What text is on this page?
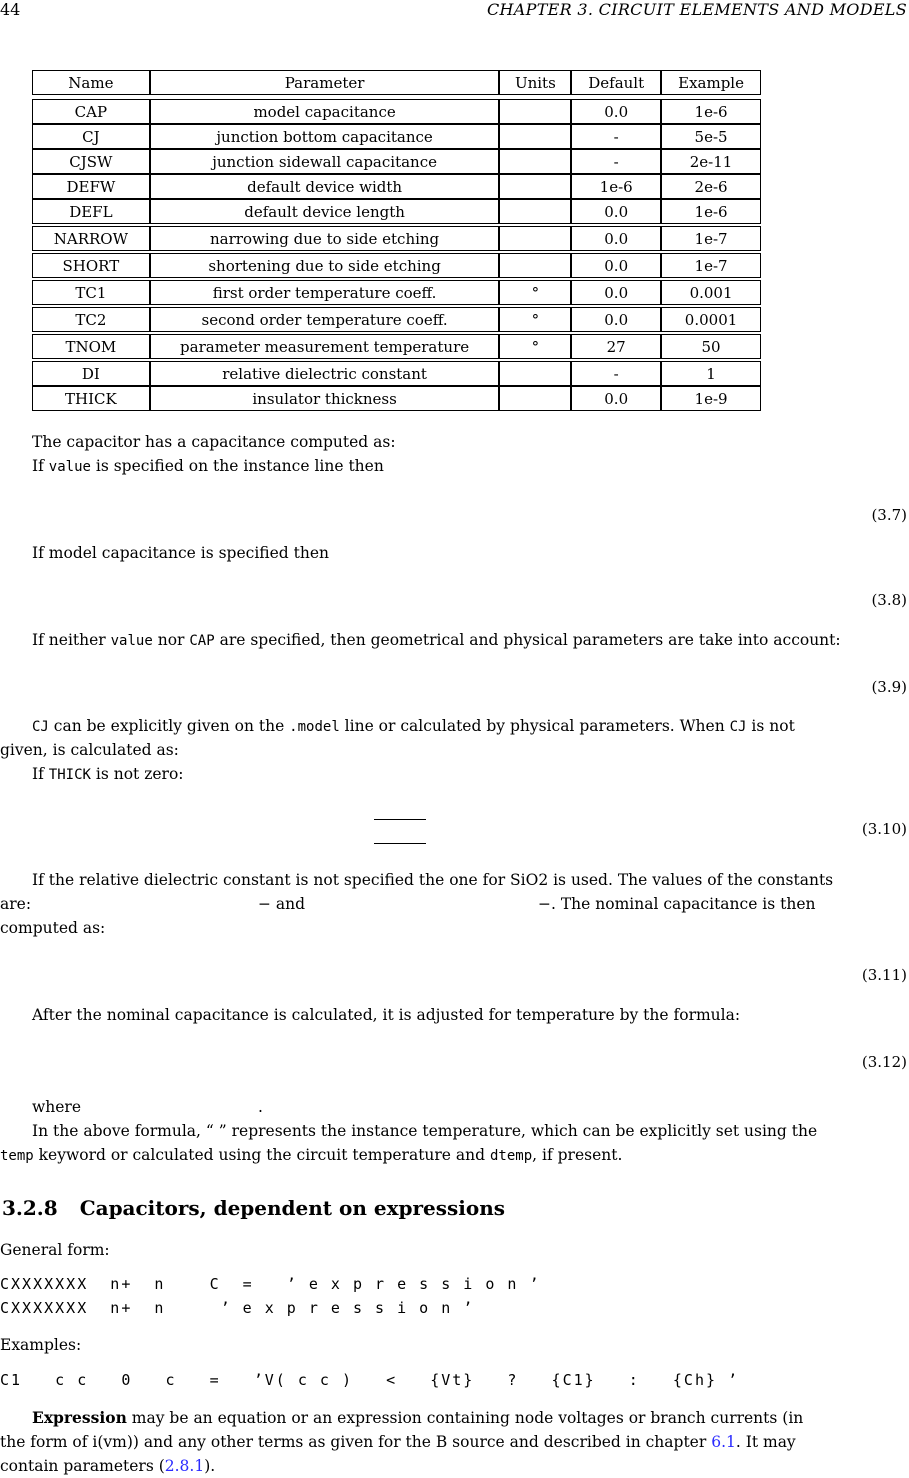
44	CHAPTER 3. CIRCUIT ELEMENTS AND MODELS
Name	Parameter	Units	Default	Example

CAP	model capacitance		0.0	1e-6
CJ	junction bottom capacitance		-	5e-5
CJSW	junction sidewall capacitance		-	2e-11
DEFW	default device width		1e-6	2e-6
DEFL	default device length		0.0	1e-6

NARROW	narrowing due to side etching		0.0	1e-7

SHORT	shortening due to side etching		0.0	1e-7

TC1	first order temperature coeff.	°	0.0	0.001

TC2	second order temperature coeff.	°	0.0	0.0001

TNOM	parameter measurement temperature	°	27	50

DI	relative dielectric constant		-	1
THICK	insulator thickness		0.0	1e-9
The capacitor has a capacitance computed as:
If value is specified on the instance line then
(3.7)
If model capacitance is specified then
(3.8)
If neither value nor CAP are specified, then geometrical and physical parameters are take into account:
(3.9)
CJ can be explicitly given on the .model line or calculated by physical parameters. When CJ is not
given, is calculated as:
If THICK is not zero:
(3.10)
If the relative dielectric constant is not specified the one for SiO2 is used. The values of the constants
are:	− and	−. The nominal capacitance is then
computed as:
(3.11)
After the nominal capacitance is calculated, it is adjusted for temperature by the formula:
(3.12)
where	.
In the above formula, “ ” represents the instance temperature, which can be explicitly set using the
temp keyword or calculated using the circuit temperature and dtemp, if present.
3.2.8 Capacitors, dependent on expressions
General form:
CXXXXXXX  n+  n    C  =   ’ e x p r e s s i o n ’
CXXXXXXX  n+  n     ’ e x p r e s s i o n ’
Examples:
C1   c c   0   c   =   ’V( c c )   <   {Vt}   ?   {C1}   :   {Ch} ’
Expression may be an equation or an expression containing node voltages or branch currents (in
the form of i(vm)) and any other terms as given for the B source and described in chapter 6.1. It may
contain parameters (2.8.1).
